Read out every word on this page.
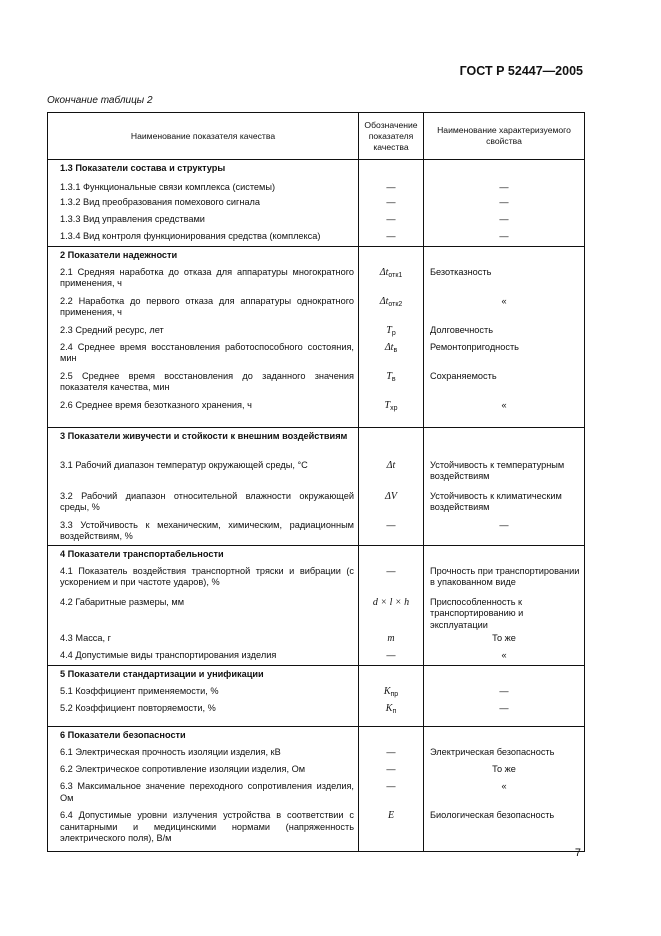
ГОСТ Р 52447—2005
Окончание таблицы 2
Наименование показателя качества	Обозначение показателя качества	Наименование характеризуемого свойства
1.3 Показатели состава и структуры		
1.3.1 Функциональные связи комплекса (системы)	—	—
1.3.2 Вид преобразования помехового сигнала	—	—
1.3.3 Вид управления средствами	—	—
1.3.4 Вид контроля функционирования средства (комплекса)	—	—
2 Показатели надежности		
2.1 Средняя наработка до отказа для аппаратуры многократного применения, ч	$\Delta t_{отк1}$	Безотказность
2.2 Наработка до первого отказа для аппаратуры однократного применения, ч	$\Delta t_{отк2}$	«
2.3 Средний ресурс, лет	$T_р$	Долговечность
2.4 Среднее время восстановления работоспособного состояния, мин	$\Delta t_в$	Ремонтопригодность
2.5 Среднее время восстановления до заданного значения показателя качества, мин	$T_в$	Сохраняемость
2.6 Среднее время безотказного хранения, ч	$T_{хр}$	«
3 Показатели живучести и стойкости к внешним воздействиям		
3.1 Рабочий диапазон температур окружающей среды, °С	Δt	Устойчивость к температурным воздействиям
3.2 Рабочий диапазон относительной влажности окружающей среды, %	ΔV	Устойчивость к климатическим воздействиям
3.3 Устойчивость к механическим, химическим, радиационным воздействиям, %	—	—
4 Показатели транспортабельности		
4.1 Показатель воздействия транспортной тряски и вибрации (с ускорением и при частоте ударов), %	—	Прочность при транспортировании в упакованном виде
4.2 Габаритные размеры, мм	d × l × h	Приспособленность к транспортированию и эксплуатации
4.3 Масса, г	m	То же
4.4 Допустимые виды транспортирования изделия	—	«
5 Показатели стандартизации и унификации		
5.1 Коэффициент применяемости, %	$K_{пр}$	—
5.2 Коэффициент повторяемости, %	$K_п$	—
6 Показатели безопасности		
6.1 Электрическая прочность изоляции изделия, кВ	—	Электрическая безопасность
6.2 Электрическое сопротивление изоляции изделия, Ом	—	То же
6.3 Максимальное значение переходного сопротивления изделия, Ом	—	«
6.4 Допустимые уровни излучения устройства в соответствии с санитарными и медицинскими нормами (напряженность электрического поля), В/м	E	Биологическая безопасность
7
